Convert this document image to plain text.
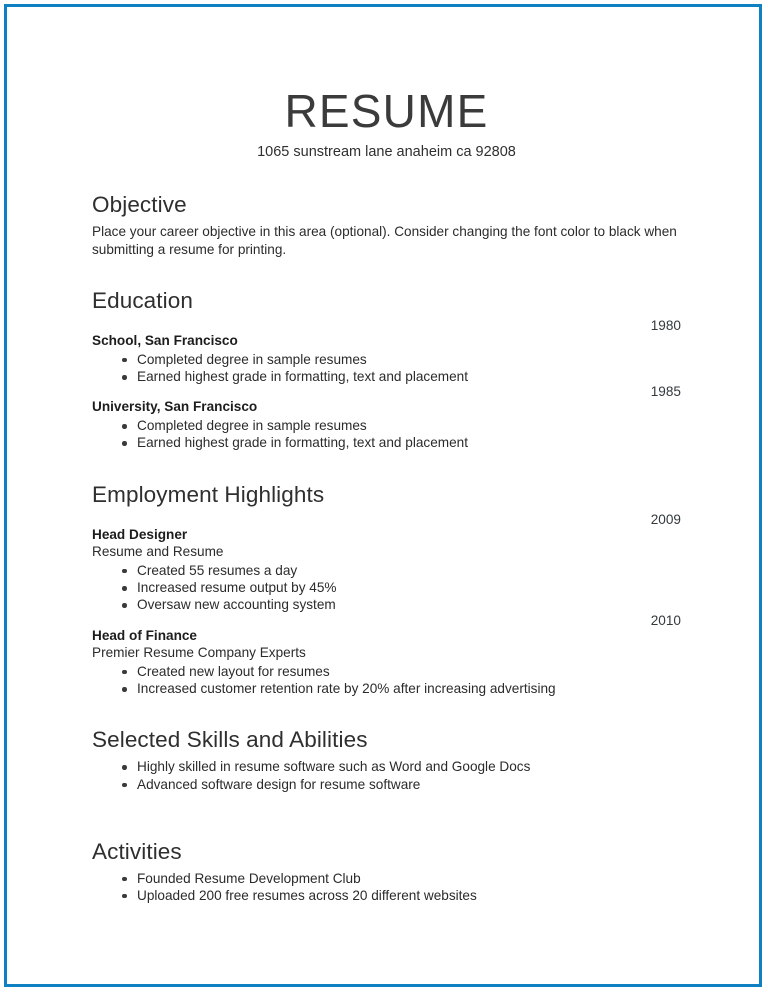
RESUME
1065 sunstream lane anaheim ca 92808
Objective

Place your career objective in this area (optional). Consider changing the font color to black when submitting a resume for printing.

Education
1980
School, San Francisco
Completed degree in sample resumes
Earned highest grade in formatting, text and placement
1985
University, San Francisco
Completed degree in sample resumes
Earned highest grade in formatting, text and placement
Employment Highlights
2009
Head Designer
Resume and Resume
Created 55 resumes a day
Increased resume output by 45%
Oversaw new accounting system
2010
Head of Finance
Premier Resume Company Experts
Created new layout for resumes
Increased customer retention rate by 20% after increasing advertising
Selected Skills and Abilities
Highly skilled in resume software such as Word and Google Docs
Advanced software design for resume software
Activities
Founded Resume Development Club
Uploaded 200 free resumes across 20 different websites
